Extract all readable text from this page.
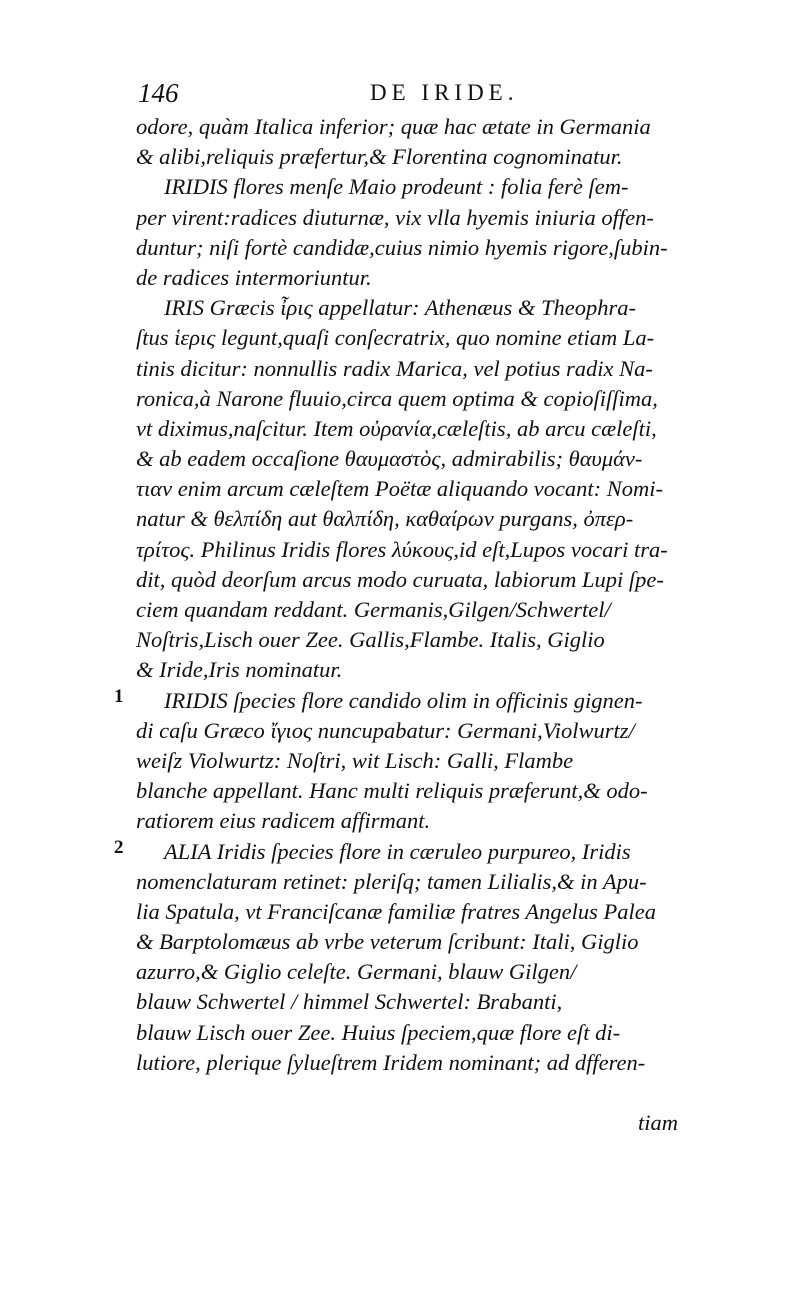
146	DE IRIDE.
odore, quàm Italica inferior; quæ hac ætate in Germania
& alibi,reliquis præfertur,& Florentina cognominatur.
IRIDIS flores menſe Maio prodeunt : folia ferè ſem-
per virent:radices diuturnæ, vix vlla hyemis iniuria offen-
duntur; niſi fortè candidæ,cuius nimio hyemis rigore,ſubin-
de radices intermoriuntur.
IRIS Græcis ἶρις appellatur: Athenæus & Theophra-
ſtus ἱερις legunt,quaſi conſecratrix, quo nomine etiam La-
tinis dicitur: nonnullis radix Marica, vel potius radix Na-
ronica,à Narone fluuio,circa quem optima & copioſiſſima,
vt diximus,naſcitur. Item οὐρανία,cæleſtis, ab arcu cæleſti,
& ab eadem occaſione θαυμαστὸς, admirabilis; θαυμάν-
τιαν enim arcum cæleſtem Poëtæ aliquando vocant: Nomi-
natur & θελπίδη aut θαλπίδη, καθαίρων purgans, ὀπερ-
τρίτος. Philinus Iridis flores λύκους,id eſt,Lupos vocari tra-
dit, quòd deorſum arcus modo curuata, labiorum Lupi ſpe-
ciem quandam reddant. Germanis,Gilgen/Schwertel/
Noſtris,Lisch ouer Zee. Gallis,Flambe. Italis, Giglio
& Iride,Iris nominatur.
1	IRIDIS ſpecies flore candido olim in officinis gignen-
di caſu Græco ἴγιος nuncupabatur: Germani,Violwurtz/
weiſz Violwurtz: Noſtri, wit Lisch: Galli, Flambe
blanche appellant. Hanc multi reliquis præferunt,& odo-
ratiorem eius radicem affirmant.
2	ALIA Iridis ſpecies flore in cæruleo purpureo, Iridis
nomenclaturam retinet: pleriſq; tamen Lilialis,& in Apu-
lia Spatula, vt Franciſcanæ familiæ fratres Angelus Palea
& Barptolomæus ab vrbe veterum ſcribunt: Itali, Giglio
azurro,& Giglio celeſte. Germani, blauw Gilgen/
blauw Schwertel / himmel Schwertel: Brabanti,
blauw Lisch ouer Zee. Huius ſpeciem,quæ flore eſt di-
lutiore, plerique ſylueſtrem Iridem nominant; ad dfferen-
tiam
